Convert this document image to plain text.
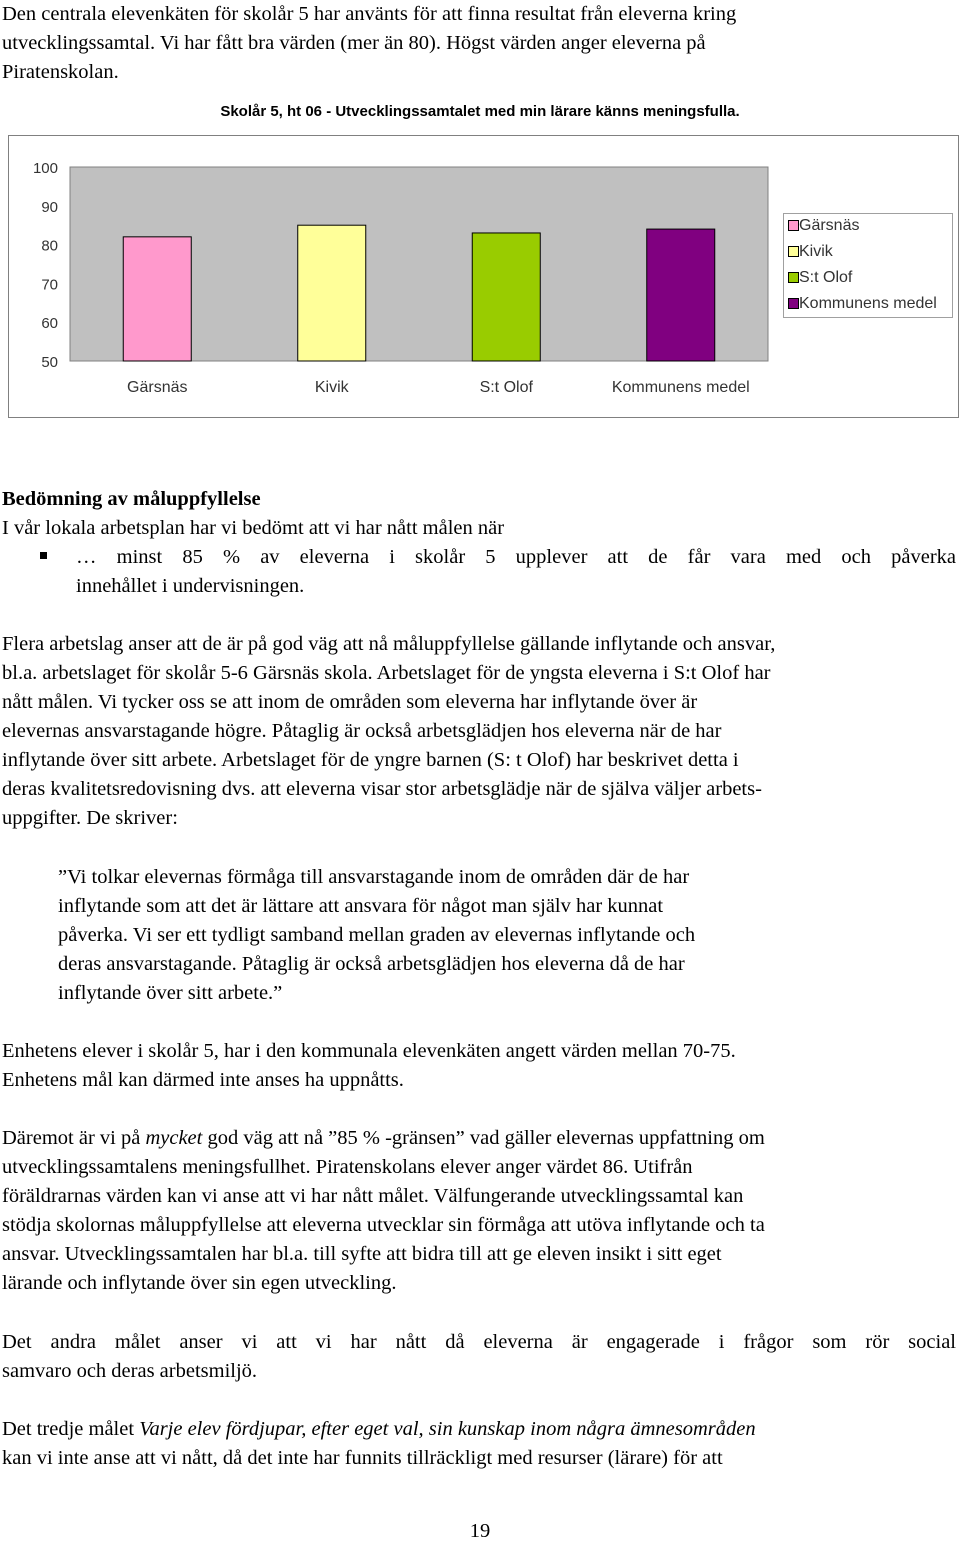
Den centrala elevenkäten för skolår 5 har använts för att finna resultat från eleverna kring

utvecklingssamtal. Vi har fått bra värden (mer än 80). Högst värden anger eleverna på

Piratenskolan.

Skolår 5, ht 06 - Utvecklingssamtalet med min lärare känns meningsfulla.
100
90
80
70
60
50
Gärsnäs	Kivik	S:t Olof	Kommunens medel
Gärsnäs
Kivik
S:t Olof
Kommunens medel

Bedömning av måluppfyllelse

I vår lokala arbetsplan har vi bedömt att vi har nått målen när

… minst 85 % av eleverna i skolår 5 upplever att de får vara med och påverka

innehållet i undervisningen.

Flera arbetslag anser att de är på god väg att nå måluppfyllelse gällande inflytande och ansvar,

bl.a. arbetslaget för skolår 5-6 Gärsnäs skola. Arbetslaget för de yngsta eleverna i S:t Olof har

nått målen. Vi tycker oss se att inom de områden som eleverna har inflytande över är

elevernas ansvarstagande högre. Påtaglig är också arbetsglädjen hos eleverna när de har

inflytande över sitt arbete. Arbetslaget för de yngre barnen (S: t Olof) har beskrivet detta i

deras kvalitetsredovisning dvs. att eleverna visar stor arbetsglädje när de själva väljer arbets-

uppgifter. De skriver:

”Vi tolkar elevernas förmåga till ansvarstagande inom de områden där de har

inflytande som att det är lättare att ansvara för något man själv har kunnat

påverka. Vi ser ett tydligt samband mellan graden av elevernas inflytande och

deras ansvarstagande. Påtaglig är också arbetsglädjen hos eleverna då de har

inflytande över sitt arbete.”

Enhetens elever i skolår 5, har i den kommunala elevenkäten angett värden mellan 70-75.

Enhetens mål kan därmed inte anses ha uppnåtts.

Däremot är vi på mycket god väg att nå ”85 % -gränsen” vad gäller elevernas uppfattning om

utvecklingssamtalens meningsfullhet. Piratenskolans elever anger värdet 86. Utifrån

föräldrarnas värden kan vi anse att vi har nått målet. Välfungerande utvecklingssamtal kan

stödja skolornas måluppfyllelse att eleverna utvecklar sin förmåga att utöva inflytande och ta

ansvar. Utvecklingssamtalen har bl.a. till syfte att bidra till att ge eleven insikt i sitt eget

lärande och inflytande över sin egen utveckling.

Det andra målet anser vi att vi har nått då eleverna är engagerade i frågor som rör social

samvaro och deras arbetsmiljö.

Det tredje målet Varje elev fördjupar, efter eget val, sin kunskap inom några ämnesområden

kan vi inte anse att vi nått, då det inte har funnits tillräckligt med resurser (lärare) för att

19
